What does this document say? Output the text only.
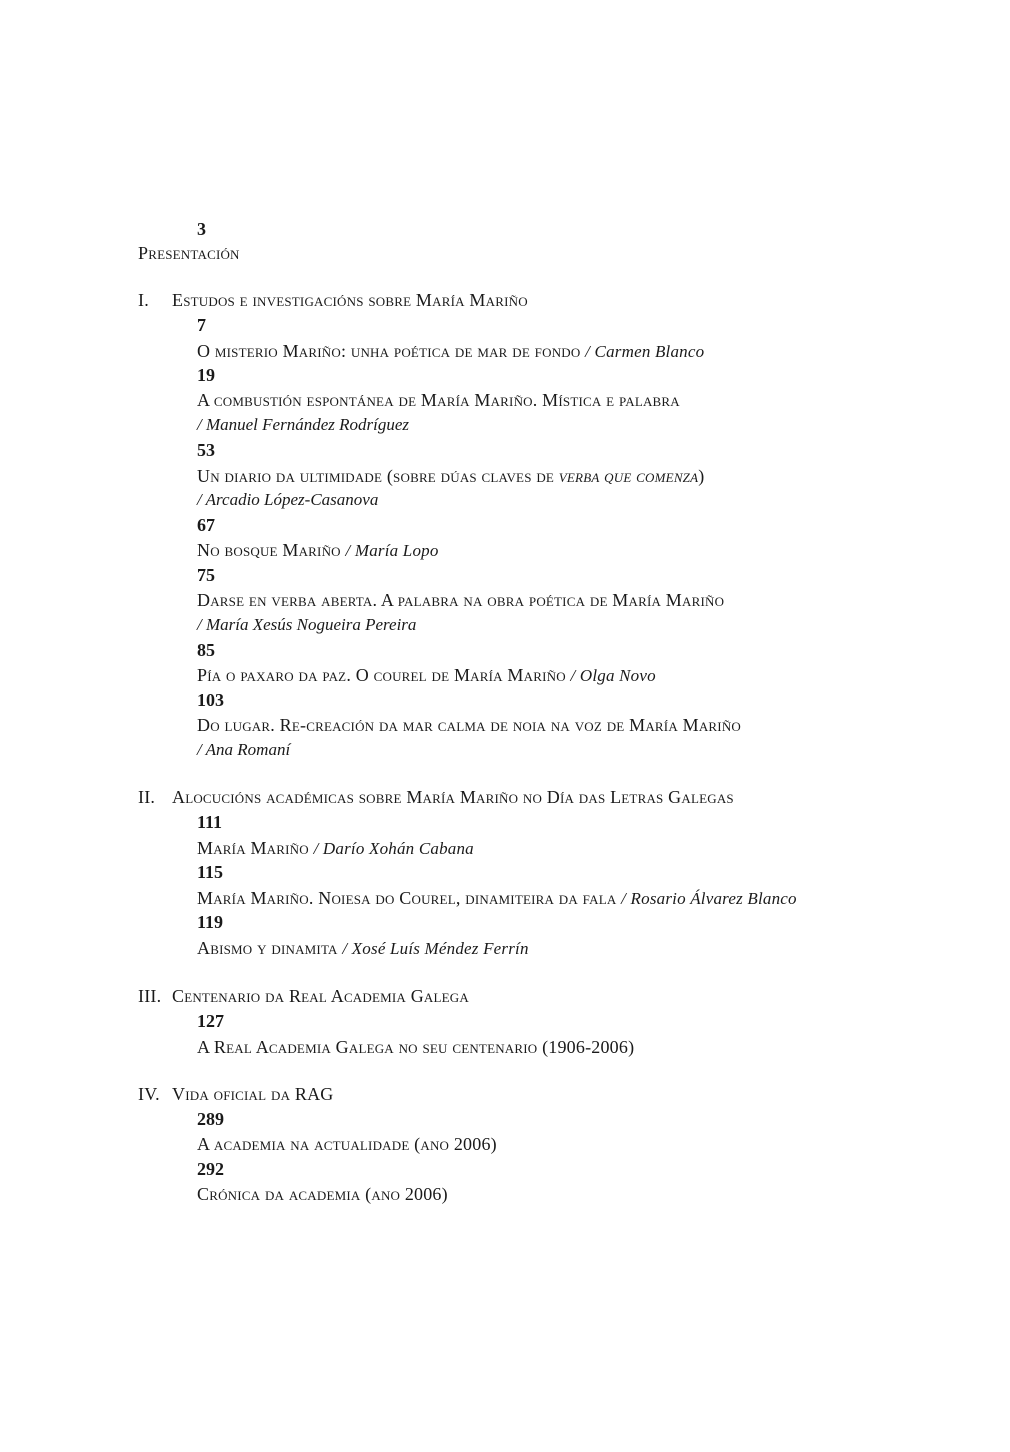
3
Presentación
I. Estudos e investigacións sobre María Mariño
7
O misterio Mariño: unha poética de mar de fondo / Carmen Blanco
19
A combustión espontánea de María Mariño. Mística e palabra
/ Manuel Fernández Rodríguez
53
Un diario da ultimidade (sobre dúas claves de verba que comenza)
/ Arcadio López-Casanova
67
No bosque Mariño / María Lopo
75
Darse en verba aberta. A palabra na obra poética de María Mariño
/ María Xesús Nogueira Pereira
85
Pía o paxaro da paz. O courel de María Mariño / Olga Novo
103
Do lugar. Re-creación da mar calma de noia na voz de María Mariño
/ Ana Romaní
II. Alocucións académicas sobre María Mariño no Día das Letras Galegas
111
María Mariño / Darío Xohán Cabana
115
María Mariño. Noiesa do Courel, dinamiteira da fala / Rosario Álvarez Blanco
119
Abismo y dinamita / Xosé Luís Méndez Ferrín
III. Centenario da Real Academia Galega
127
A Real Academia Galega no seu centenario (1906-2006)
IV. Vida oficial da RAG
289
A academia na actualidade (ano 2006)
292
Crónica da academia (ano 2006)
